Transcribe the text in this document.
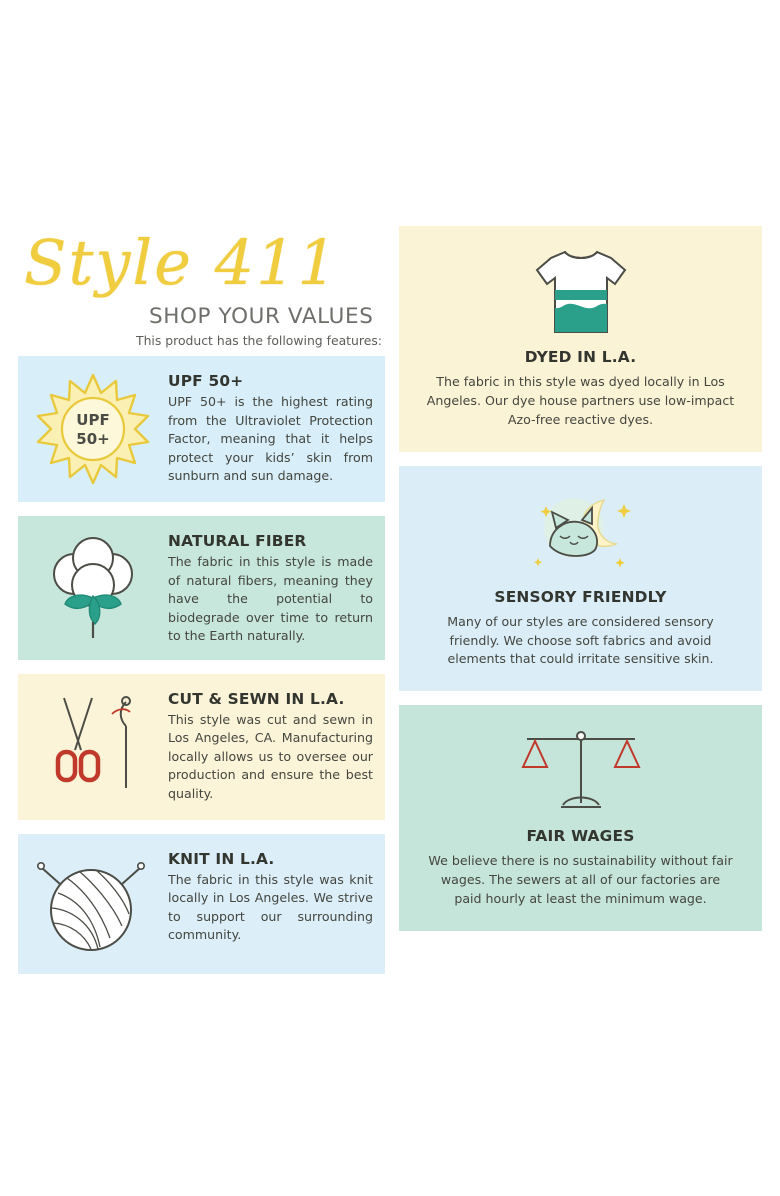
Style 411
SHOP YOUR VALUES
This product has the following features:
UPF
50+
UPF 50+

UPF 50+ is the highest rating from the Ultraviolet Protection Factor, meaning that it helps protect your kids’ skin from sunburn and sun damage.

NATURAL FIBER

The fabric in this style is made of natural fibers, meaning they have the potential to biodegrade over time to return to the Earth naturally.

CUT & SEWN IN L.A.

This style was cut and sewn in Los Angeles, CA. Manufacturing locally allows us to oversee our production and ensure the best quality.

KNIT IN L.A.

The fabric in this style was knit locally in Los Angeles. We strive to support our surrounding community.

DYED IN L.A.

The fabric in this style was dyed locally in Los Angeles. Our dye house partners use low-impact Azo-free reactive dyes.

SENSORY FRIENDLY

Many of our styles are considered sensory friendly. We choose soft fabrics and avoid elements that could irritate sensitive skin.

FAIR WAGES

We believe there is no sustainability without fair wages. The sewers at all of our factories are paid hourly at least the minimum wage.
